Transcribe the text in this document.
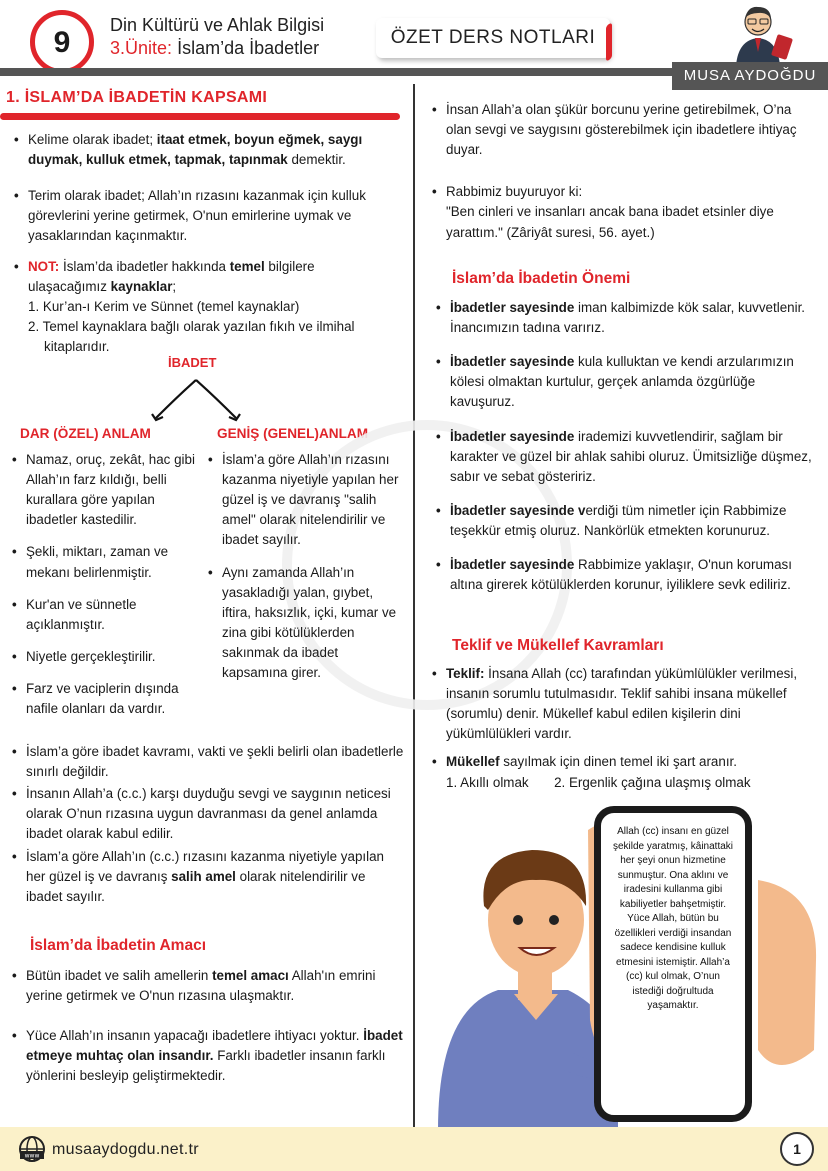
9
Din Kültürü ve Ahlak Bilgisi
3.Ünite: İslam’da İbadetler	ÖZET DERS NOTLARI
MUSA AYDOĞDU
1. İSLAM’DA İBADETİN KAPSAMI
• Kelime olarak ibadet; itaat etmek, boyun eğmek, saygı duymak, kulluk etmek, tapmak, tapınmak demektir.
• Terim olarak ibadet; Allah’ın rızasını kazanmak için kulluk görevlerini yerine getirmek, O'nun emirlerine uymak ve yasaklarından kaçınmaktır.
• NOT: İslam’da ibadetler hakkında temel bilgilere ulaşacağımız kaynaklar;
1. Kur’an-ı Kerim ve Sünnet (temel kaynaklar)
2. Temel kaynaklara bağlı olarak yazılan fıkıh ve ilmihal kitaplarıdır.
İBADET
DAR (ÖZEL) ANLAM	GENİŞ (GENEL)ANLAM
• Namaz, oruç, zekât, hac gibi Allah’ın farz kıldığı, belli kurallara göre yapılan ibadetler kastedilir.
• Şekli, miktarı, zaman ve mekanı belirlenmiştir.
• Kur'an ve sünnetle açıklanmıştır.
• Niyetle gerçekleştirilir.
• Farz ve vaciplerin dışında nafile olanları da vardır.
• İslam’a göre Allah’ın rızasını kazanma niyetiyle yapılan her güzel iş ve davranış "salih amel" olarak nitelendirilir ve ibadet sayılır.
• Aynı zamanda Allah’ın yasakladığı yalan, gıybet, iftira, haksızlık, içki, kumar ve zina gibi kötülüklerden sakınmak da ibadet kapsamına girer.
• İslam’a göre ibadet kavramı, vakti ve şekli belirli olan ibadetlerle sınırlı değildir.
• İnsanın Allah’a (c.c.) karşı duyduğu sevgi ve saygının neticesi olarak O’nun rızasına uygun davranması da genel anlamda ibadet olarak kabul edilir.
• İslam’a göre Allah’ın (c.c.) rızasını kazanma niyetiyle yapılan her güzel iş ve davranış salih amel olarak nitelendirilir ve ibadet sayılır.
İslam’da İbadetin Amacı
• Bütün ibadet ve salih amellerin temel amacı Allah'ın emrini yerine getirmek ve O'nun rızasına ulaşmaktır.
• Yüce Allah’ın insanın yapacağı ibadetlere ihtiyacı yoktur. İbadet etmeye muhtaç olan insandır. Farklı ibadetler insanın farklı yönlerini besleyip geliştirmektedir.
• İnsan Allah’a olan şükür borcunu yerine getirebilmek, O’na olan sevgi ve saygısını gösterebilmek için ibadetlere ihtiyaç duyar.
• Rabbimiz buyuruyor ki:
"Ben cinleri ve insanları ancak bana ibadet etsinler diye yarattım." (Zâriyât suresi, 56. ayet.)
İslam’da İbadetin Önemi
• İbadetler sayesinde iman kalbimizde kök salar, kuvvetlenir. İnancımızın tadına varırız.
• İbadetler sayesinde kula kulluktan ve kendi arzularımızın kölesi olmaktan kurtulur, gerçek anlamda özgürlüğe kavuşuruz.
• İbadetler sayesinde irademizi kuvvetlendirir, sağlam bir karakter ve güzel bir ahlak sahibi oluruz. Ümitsizliğe düşmez, sabır ve sebat gösteririz.
• İbadetler sayesinde verdiği tüm nimetler için Rabbimize teşekkür etmiş oluruz. Nankörlük etmekten korunuruz.
• İbadetler sayesinde Rabbimize yaklaşır, O'nun koruması altına girerek kötülüklerden korunur, iyiliklere sevk ediliriz.
Teklif ve Mükellef Kavramları
• Teklif: İnsana Allah (cc) tarafından yükümlülükler verilmesi, insanın sorumlu tutulmasıdır. Teklif sahibi insana mükellef (sorumlu) denir. Mükellef kabul edilen kişilerin dini yükümlülükleri vardır.
• Mükellef sayılmak için dinen temel iki şart aranır.
1. Akıllı olmak 2. Ergenlik çağına ulaşmış olmak
Allah (cc) insanı en güzel şekilde yaratmış, kâinattaki her şeyi onun hizmetine sunmuştur. Ona aklını ve iradesini kullanma gibi kabiliyetler bahşetmiştir. Yüce Allah, bütün bu özellikleri verdiği insandan sadece kendisine kulluk etmesini istemiştir. Allah’a (cc) kul olmak, O’nun istediği doğrultuda yaşamaktır.
www musaaydogdu.net.tr	1
